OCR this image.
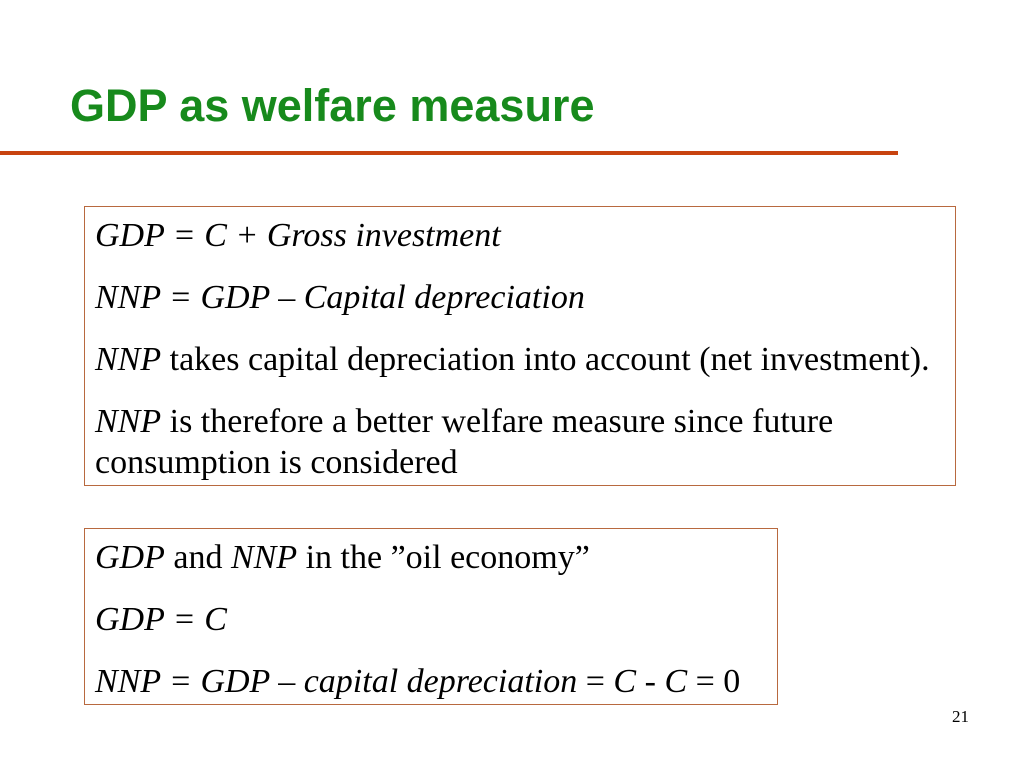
GDP as welfare measure

GDP = C + Gross investment

NNP = GDP – Capital depreciation

NNP takes capital depreciation into account (net investment).

NNP is therefore a better welfare measure since future consumption is considered

GDP and NNP in the ”oil economy”

GDP = C

NNP = GDP – capital depreciation = C - C = 0

21
